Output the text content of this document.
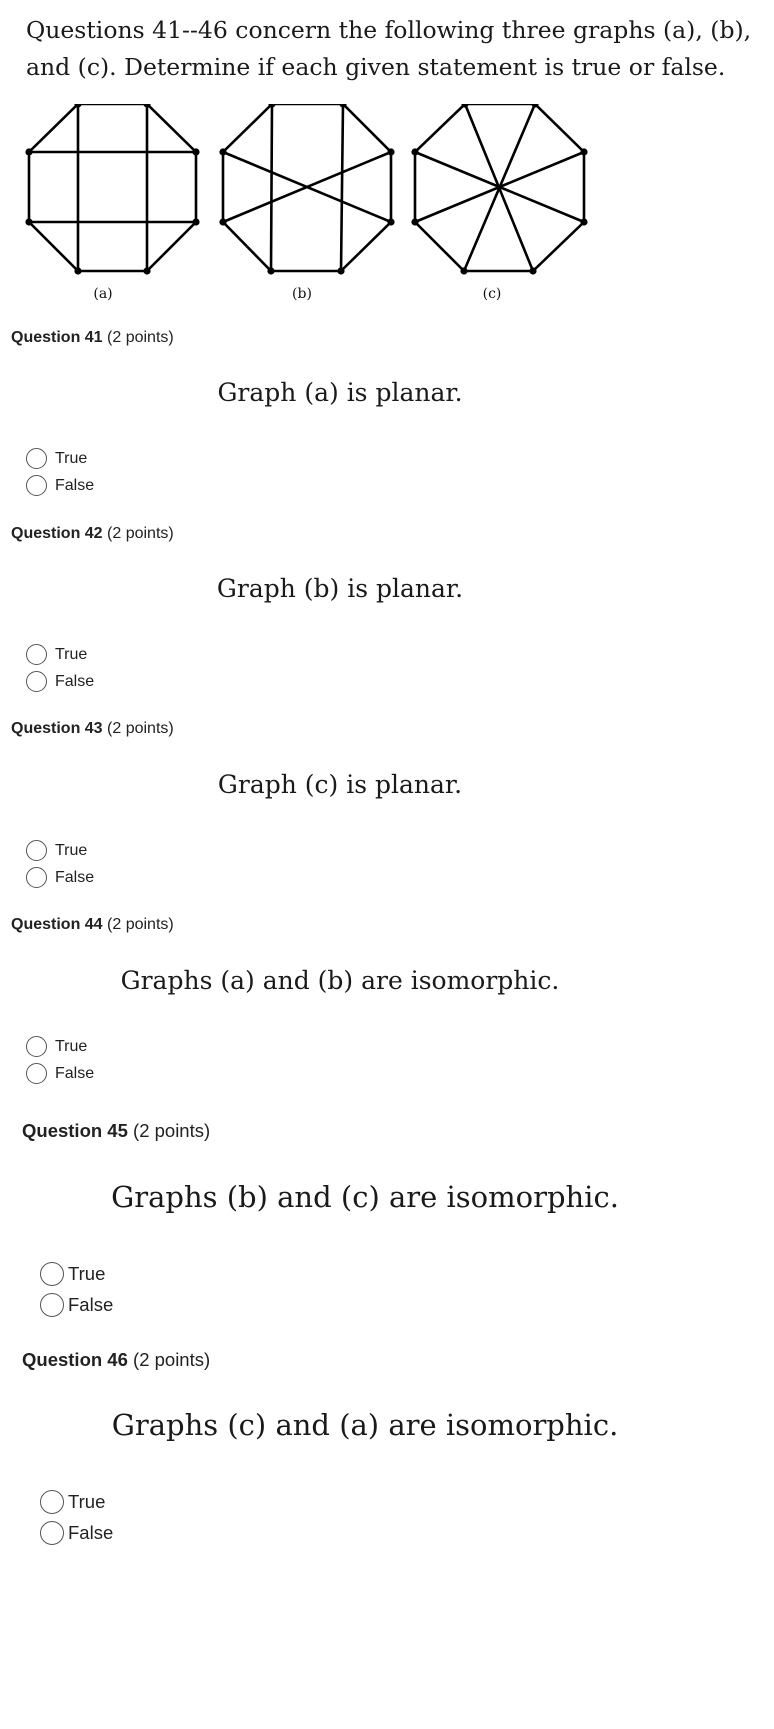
Questions 41--46 concern the following three graphs (a), (b), and (c). Determine if each given statement is true or false.
(a)	(b)	(c)
Question 41 (2 points)
Graph (a) is planar.
True
False
Question 42 (2 points)
Graph (b) is planar.
True
False
Question 43 (2 points)
Graph (c) is planar.
True
False
Question 44 (2 points)
Graphs (a) and (b) are isomorphic.
True
False
Question 45 (2 points)
Graphs (b) and (c) are isomorphic.
True
False
Question 46 (2 points)
Graphs (c) and (a) are isomorphic.
True
False
